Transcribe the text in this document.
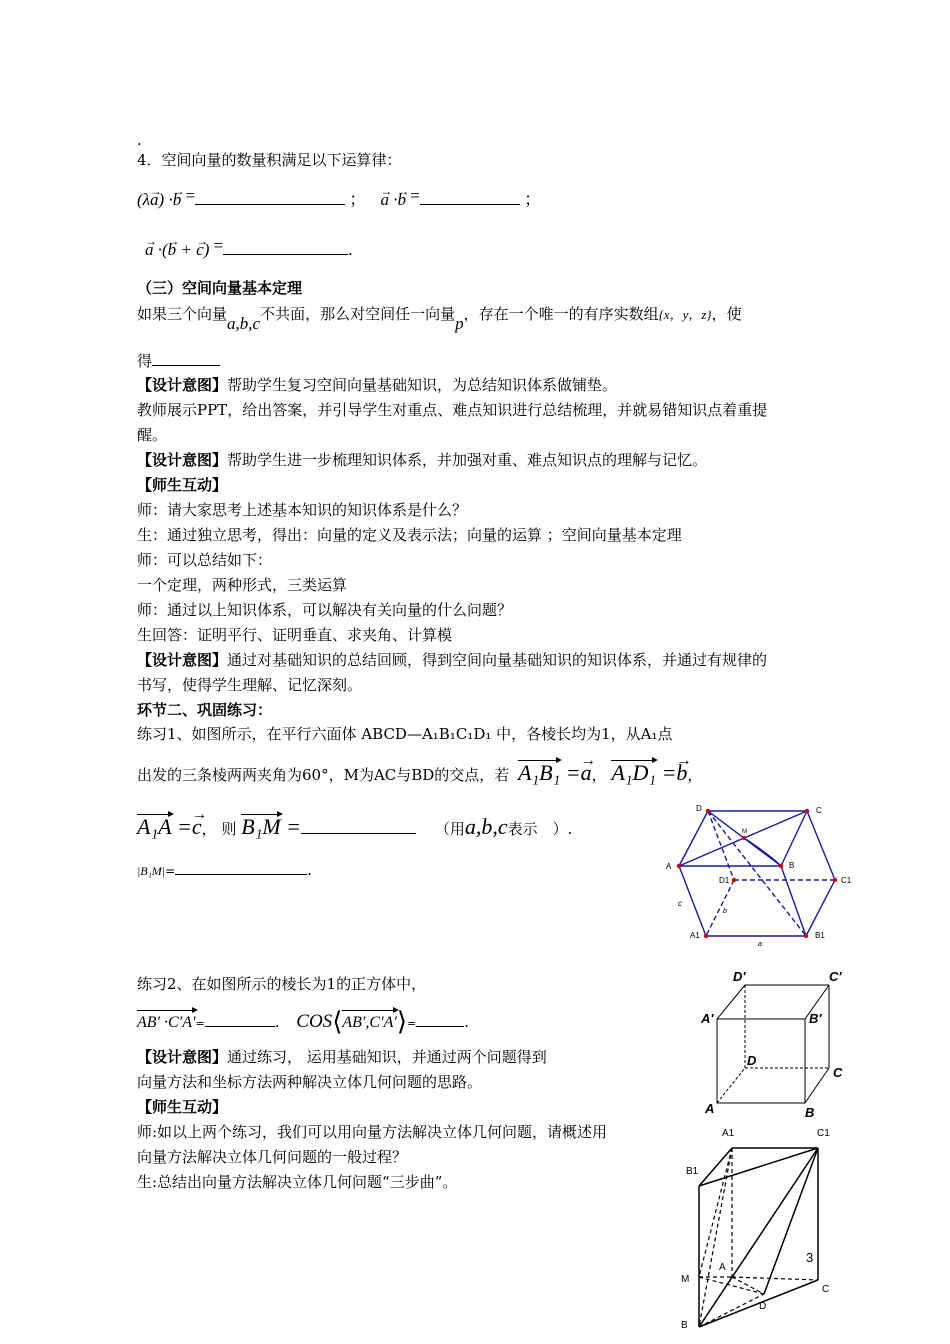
.
4．空间向量的数量积满足以下运算律：
(λ→ a) ·→ b =	； → a ·→ b =	；
→ a ·(→ b + → c) =	.
（三）空间向量基本定理
如果三个向量a,b,c不共面，那么对空间任一向量p，存在一个唯一的有序实数组{x，y，z}，使
得
【设计意图】帮助学生复习空间向量基础知识，为总结知识体系做铺垫。
教师展示PPT，给出答案，并引导学生对重点、难点知识进行总结梳理，并就易错知识点着重提
醒。
【设计意图】帮助学生进一步梳理知识体系，并加强对重、难点知识点的理解与记忆。
【师生互动】
师：请大家思考上述基本知识的知识体系是什么？
生：通过独立思考，得出：向量的定义及表示法；向量的运算 ；空间向量基本定理
师：可以总结如下：
一个定理，两种形式，三类运算
师：通过以上知识体系，可以解决有关向量的什么问题？
生回答：证明平行、证明垂直、求夹角、计算模
【设计意图】通过对基础知识的总结回顾，得到空间向量基础知识的知识体系，并通过有规律的
书写，使得学生理解、记忆深刻。
环节二、巩固练习：
练习1、如图所示，在平行六面体 ABCD—A₁B₁C₁D₁ 中，各棱长均为1，从A₁点
出发的三条棱两两夹角为60°，M为AC与BD的交点，若 A₁B₁ =→ a， A₁D₁ =→ b，
A₁A =→ c， 则 B₁M =	（用a,b,c表示　）.
|B₁M|=	.
D	C
A
M
B
D1	C1
A1	B1
c
b
a
练习2、在如图所示的棱长为1的正方体中，
AB′ ·C′A′=	. COS⟨AB′,C′A′⟩=	.
D′	C′
A′	B′
D
C
A	B
【设计意图】通过练习， 运用基础知识，并通过两个问题得到
向量方法和坐标方法两种解决立体几何问题的思路。
【师生互动】
师:如以上两个练习，我们可以用向量方法解决立体几何问题，请概述用
向量方法解决立体几何问题的一般过程？
生:总结出向量方法解决立体几何问题“三步曲”。
A1	C1
B1
A
M
C
D
B
3
